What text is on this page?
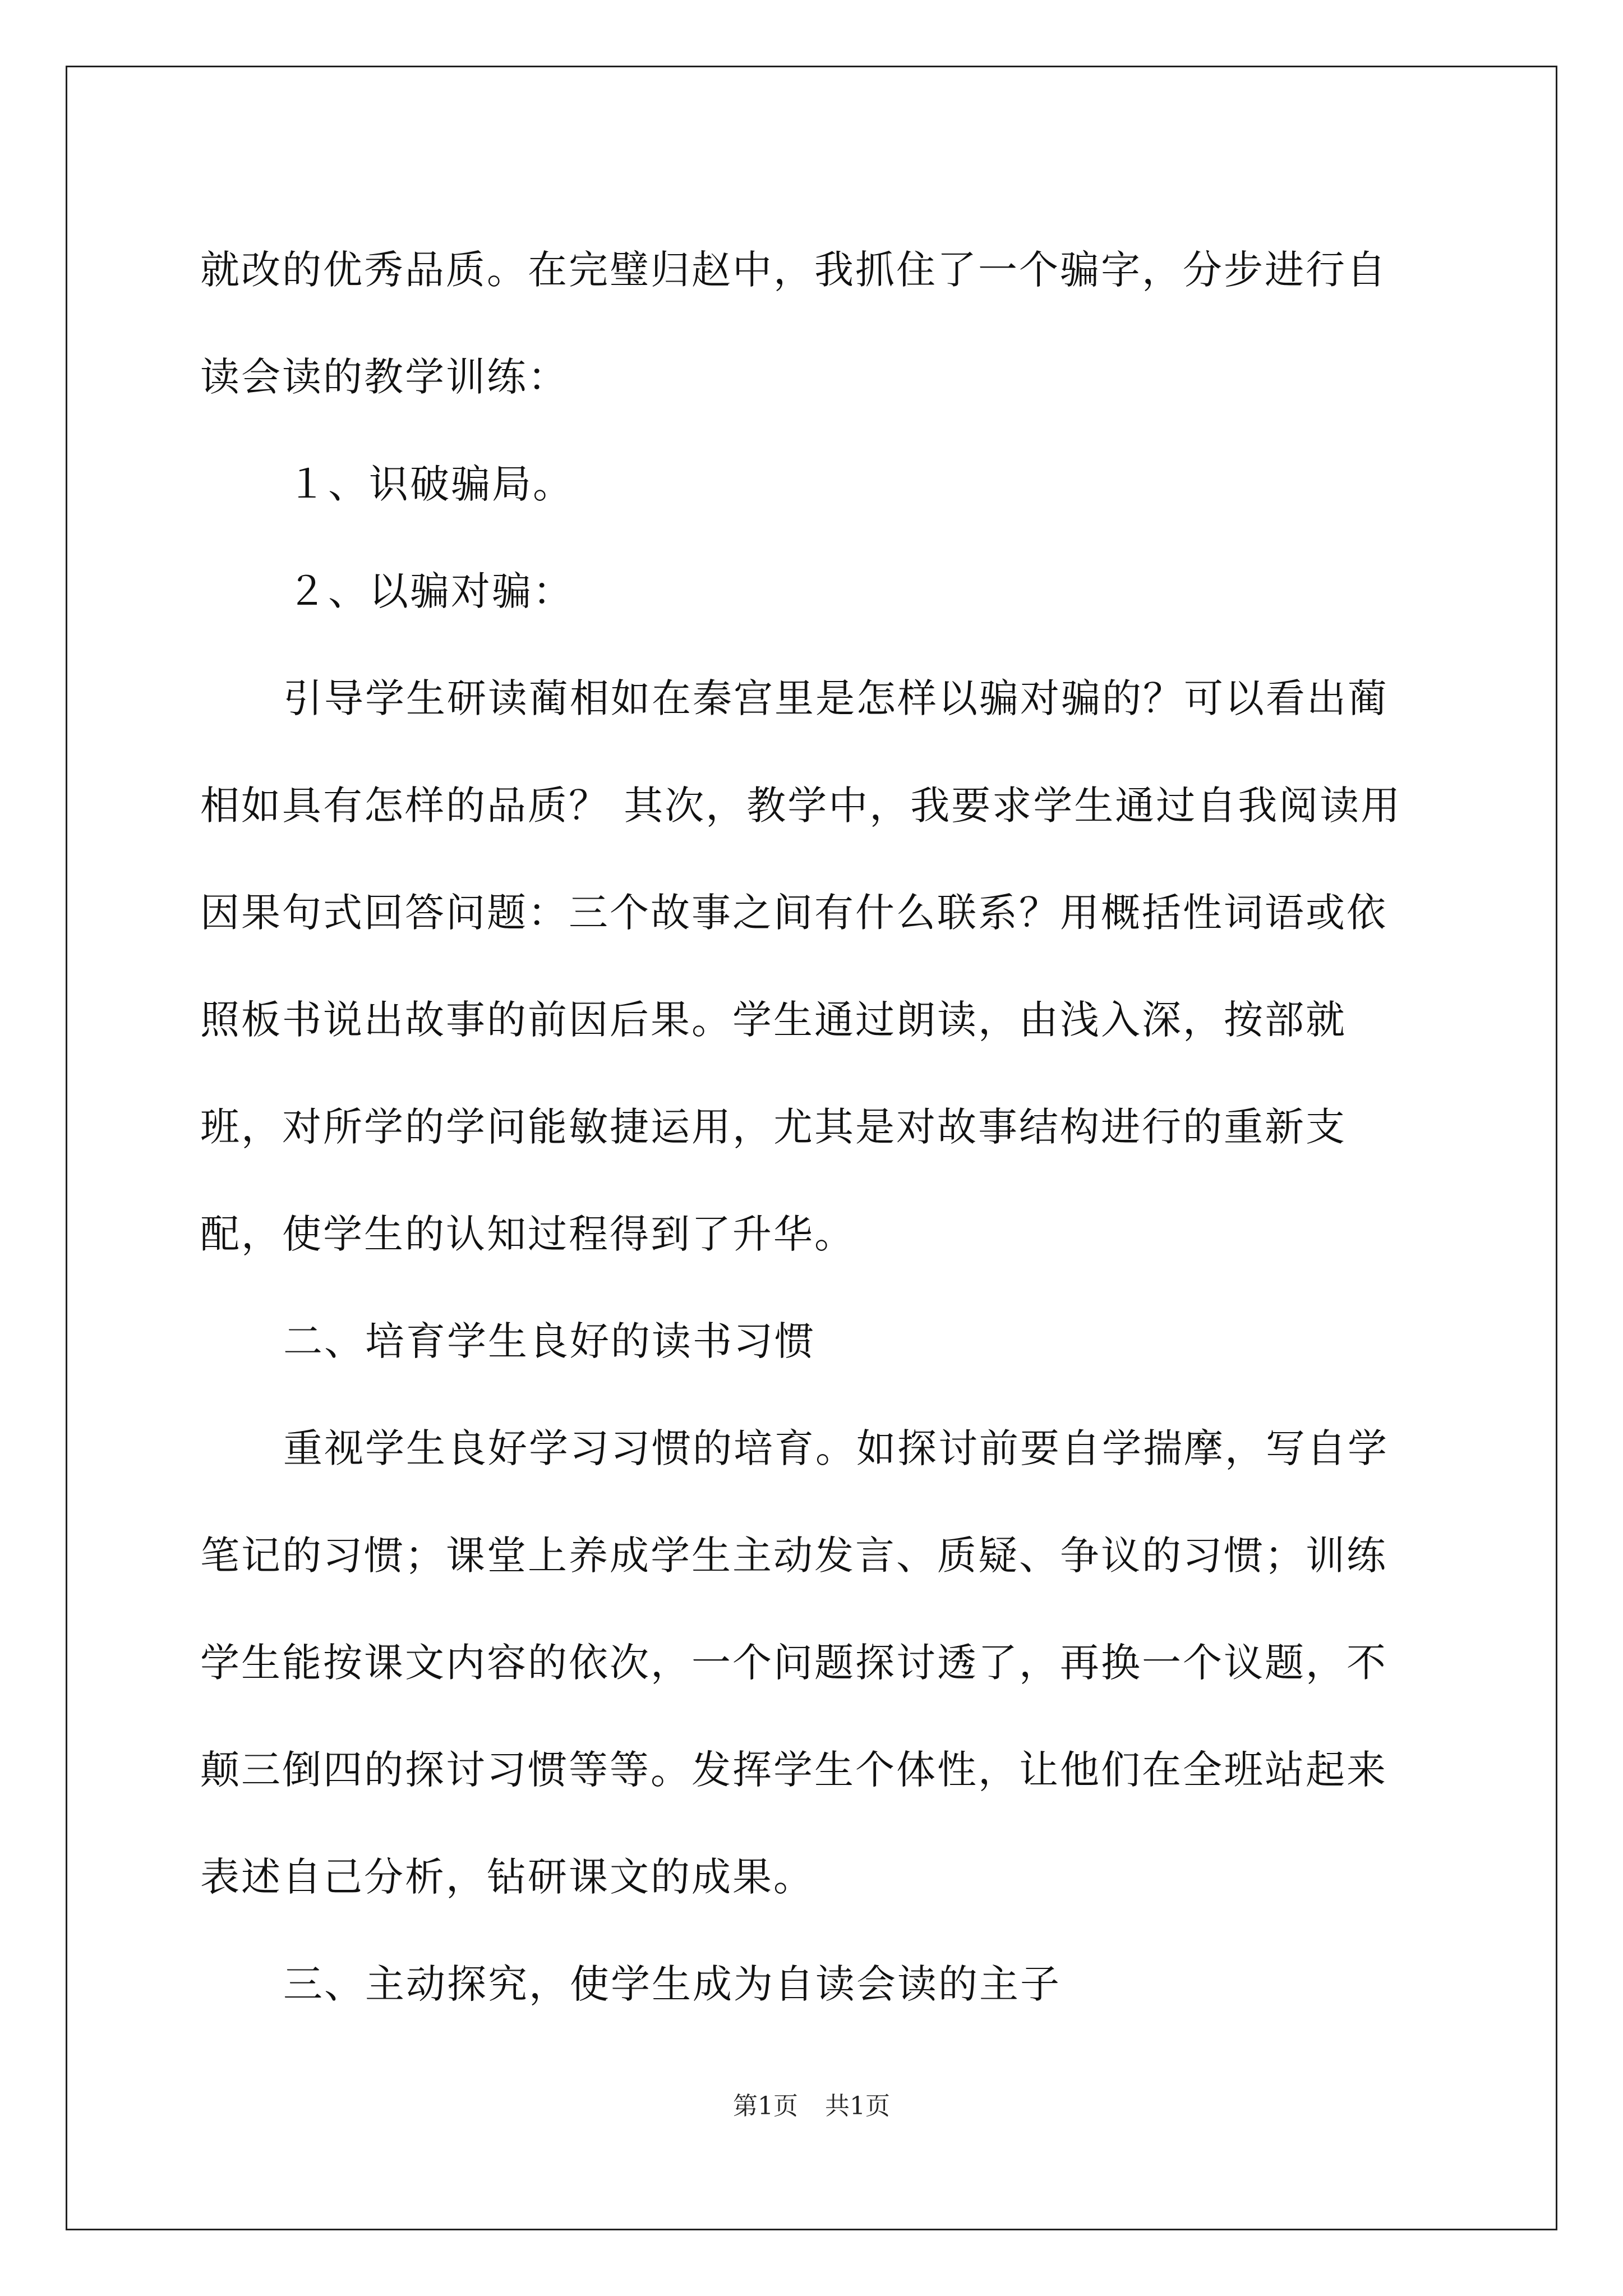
就改的优秀品质。在完璧归赵中，我抓住了一个骗字，分步进行自读会读的教学训练：

１、识破骗局。

２、以骗对骗：

引导学生研读蔺相如在秦宫里是怎样以骗对骗的？可以看出蔺相如具有怎样的品质？ 其次，教学中，我要求学生通过自我阅读用因果句式回答问题：三个故事之间有什么联系？用概括性词语或依照板书说出故事的前因后果。学生通过朗读，由浅入深，按部就班，对所学的学问能敏捷运用，尤其是对故事结构进行的重新支配，使学生的认知过程得到了升华。

二、培育学生良好的读书习惯

重视学生良好学习习惯的培育。如探讨前要自学揣摩，写自学笔记的习惯；课堂上养成学生主动发言、质疑、争议的习惯；训练学生能按课文内容的依次，一个问题探讨透了，再换一个议题，不颠三倒四的探讨习惯等等。发挥学生个体性，让他们在全班站起来表述自己分析，钻研课文的成果。

三、主动探究，使学生成为自读会读的主子

第1页 共1页
